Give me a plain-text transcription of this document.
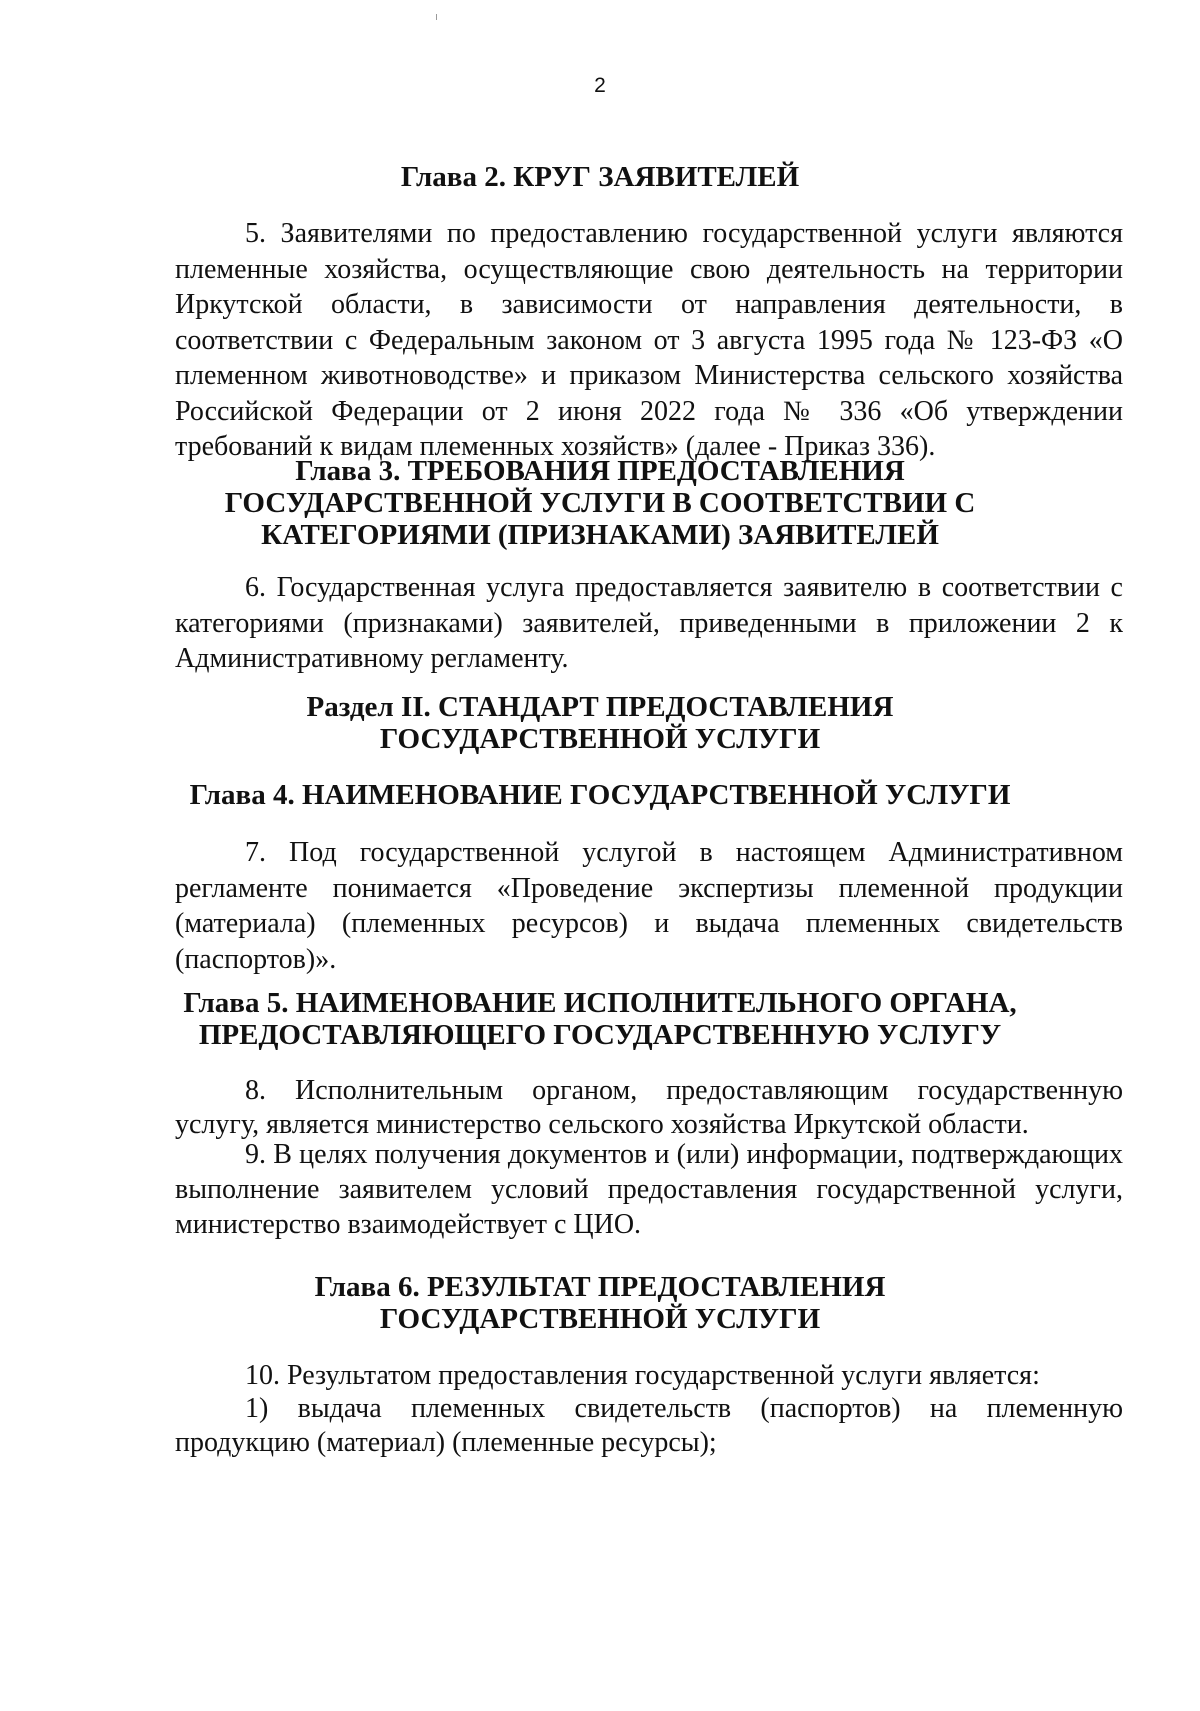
2
Глава 2. КРУГ ЗАЯВИТЕЛЕЙ
5. Заявителями по предоставлению государственной услуги являются племенные хозяйства, осуществляющие свою деятельность на территории Иркутской области, в зависимости от направления деятельности, в соответствии с Федеральным законом от 3 августа 1995 года № 123-ФЗ «О племенном животноводстве» и приказом Министерства сельского хозяйства Российской Федерации от 2 июня 2022 года № 336 «Об утверждении требований к видам племенных хозяйств» (далее - Приказ 336).
Глава 3. ТРЕБОВАНИЯ ПРЕДОСТАВЛЕНИЯ
ГОСУДАРСТВЕННОЙ УСЛУГИ В СООТВЕТСТВИИ С
КАТЕГОРИЯМИ (ПРИЗНАКАМИ) ЗАЯВИТЕЛЕЙ
6. Государственная услуга предоставляется заявителю в соответствии с категориями (признаками) заявителей, приведенными в приложении 2 к Административному регламенту.
Раздел II. СТАНДАРТ ПРЕДОСТАВЛЕНИЯ
ГОСУДАРСТВЕННОЙ УСЛУГИ
Глава 4. НАИМЕНОВАНИЕ ГОСУДАРСТВЕННОЙ УСЛУГИ
7. Под государственной услугой в настоящем Административном регламенте понимается «Проведение экспертизы племенной продукции (материала) (племенных ресурсов) и выдача племенных свидетельств (паспортов)».
Глава 5. НАИМЕНОВАНИЕ ИСПОЛНИТЕЛЬНОГО ОРГАНА,
ПРЕДОСТАВЛЯЮЩЕГО ГОСУДАРСТВЕННУЮ УСЛУГУ
8. Исполнительным органом, предоставляющим государственную услугу, является министерство сельского хозяйства Иркутской области.
9. В целях получения документов и (или) информации, подтверждающих выполнение заявителем условий предоставления государственной услуги, министерство взаимодействует с ЦИО.
Глава 6. РЕЗУЛЬТАТ ПРЕДОСТАВЛЕНИЯ
ГОСУДАРСТВЕННОЙ УСЛУГИ
10. Результатом предоставления государственной услуги является:
1) выдача племенных свидетельств (паспортов) на племенную продукцию (материал) (племенные ресурсы);
